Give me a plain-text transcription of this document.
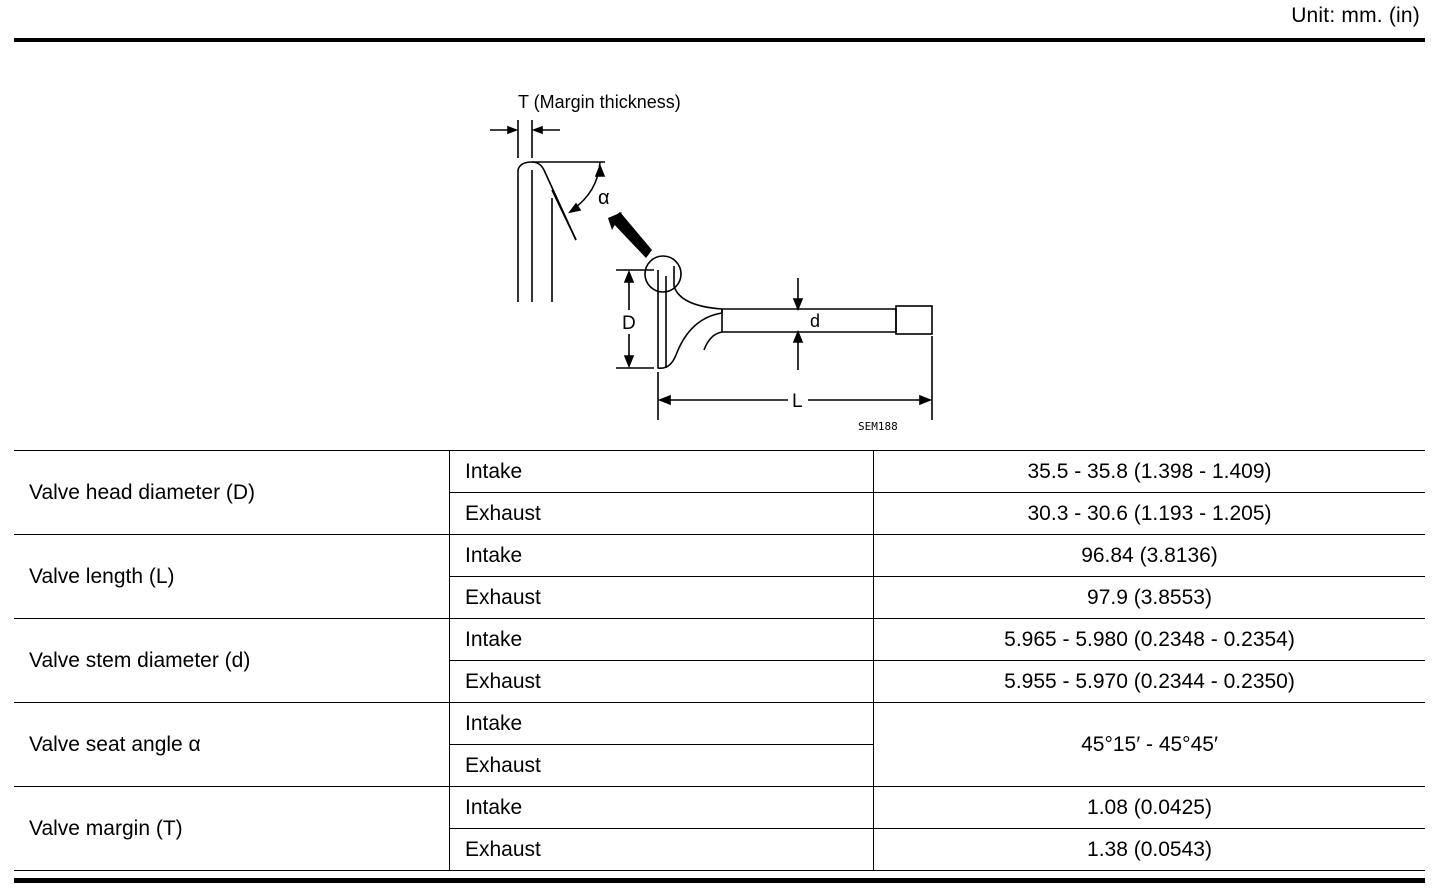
Unit: mm. (in)
T (Margin thickness)
α
D	d
L
SEM188
Valve head diameter (D)	Intake	35.5 - 35.8 (1.398 - 1.409)
	Exhaust	30.3 - 30.6 (1.193 - 1.205)
Valve length (L)	Intake	96.84 (3.8136)
	Exhaust	97.9 (3.8553)
Valve stem diameter (d)	Intake	5.965 - 5.980 (0.2348 - 0.2354)
	Exhaust	5.955 - 5.970 (0.2344 - 0.2350)
Valve seat angle α	Intake	45°15′ - 45°45′
	Exhaust	
Valve margin (T)	Intake	1.08 (0.0425)
	Exhaust	1.38 (0.0543)
